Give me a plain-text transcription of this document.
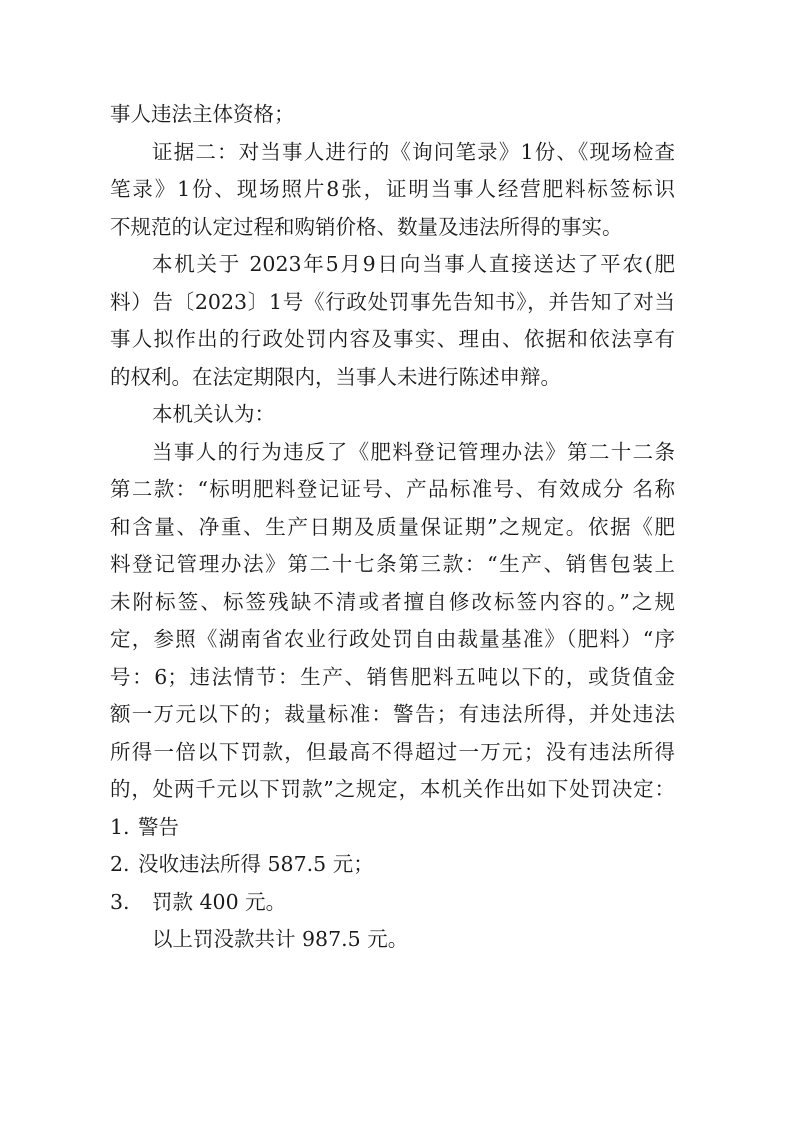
事人违法主体资格；
证据二：对当事人进行的《询问笔录》1份、《现场检查
笔录》1份、现场照片8张，证明当事人经营肥料标签标识
不规范的认定过程和购销价格、数量及违法所得的事实。
本机关于 2023年5月9日向当事人直接送达了平农(肥
料）告〔2023〕1号《行政处罚事先告知书》，并告知了对当
事人拟作出的行政处罚内容及事实、理由、依据和依法享有
的权利。在法定期限内，当事人未进行陈述申辩。
本机关认为：
当事人的行为违反了《肥料登记管理办法》第二十二条
第二款：“标明肥料登记证号、产品标准号、有效成分 名称
和含量、净重、生产日期及质量保证期”之规定。依据《肥
料登记管理办法》第二十七条第三款：“生产、销售包装上
未附标签、标签残缺不清或者擅自修改标签内容的。”之规
定，参照《湖南省农业行政处罚自由裁量基准》（肥料）“序
号：6；违法情节：生产、销售肥料五吨以下的，或货值金
额一万元以下的；裁量标准：警告；有违法所得，并处违法
所得一倍以下罚款，但最高不得超过一万元；没有违法所得
的，处两千元以下罚款”之规定，本机关作出如下处罚决定：
1. 警告
2. 没收违法所得 587.5 元；
3. 罚款 400 元。
以上罚没款共计 987.5 元。
